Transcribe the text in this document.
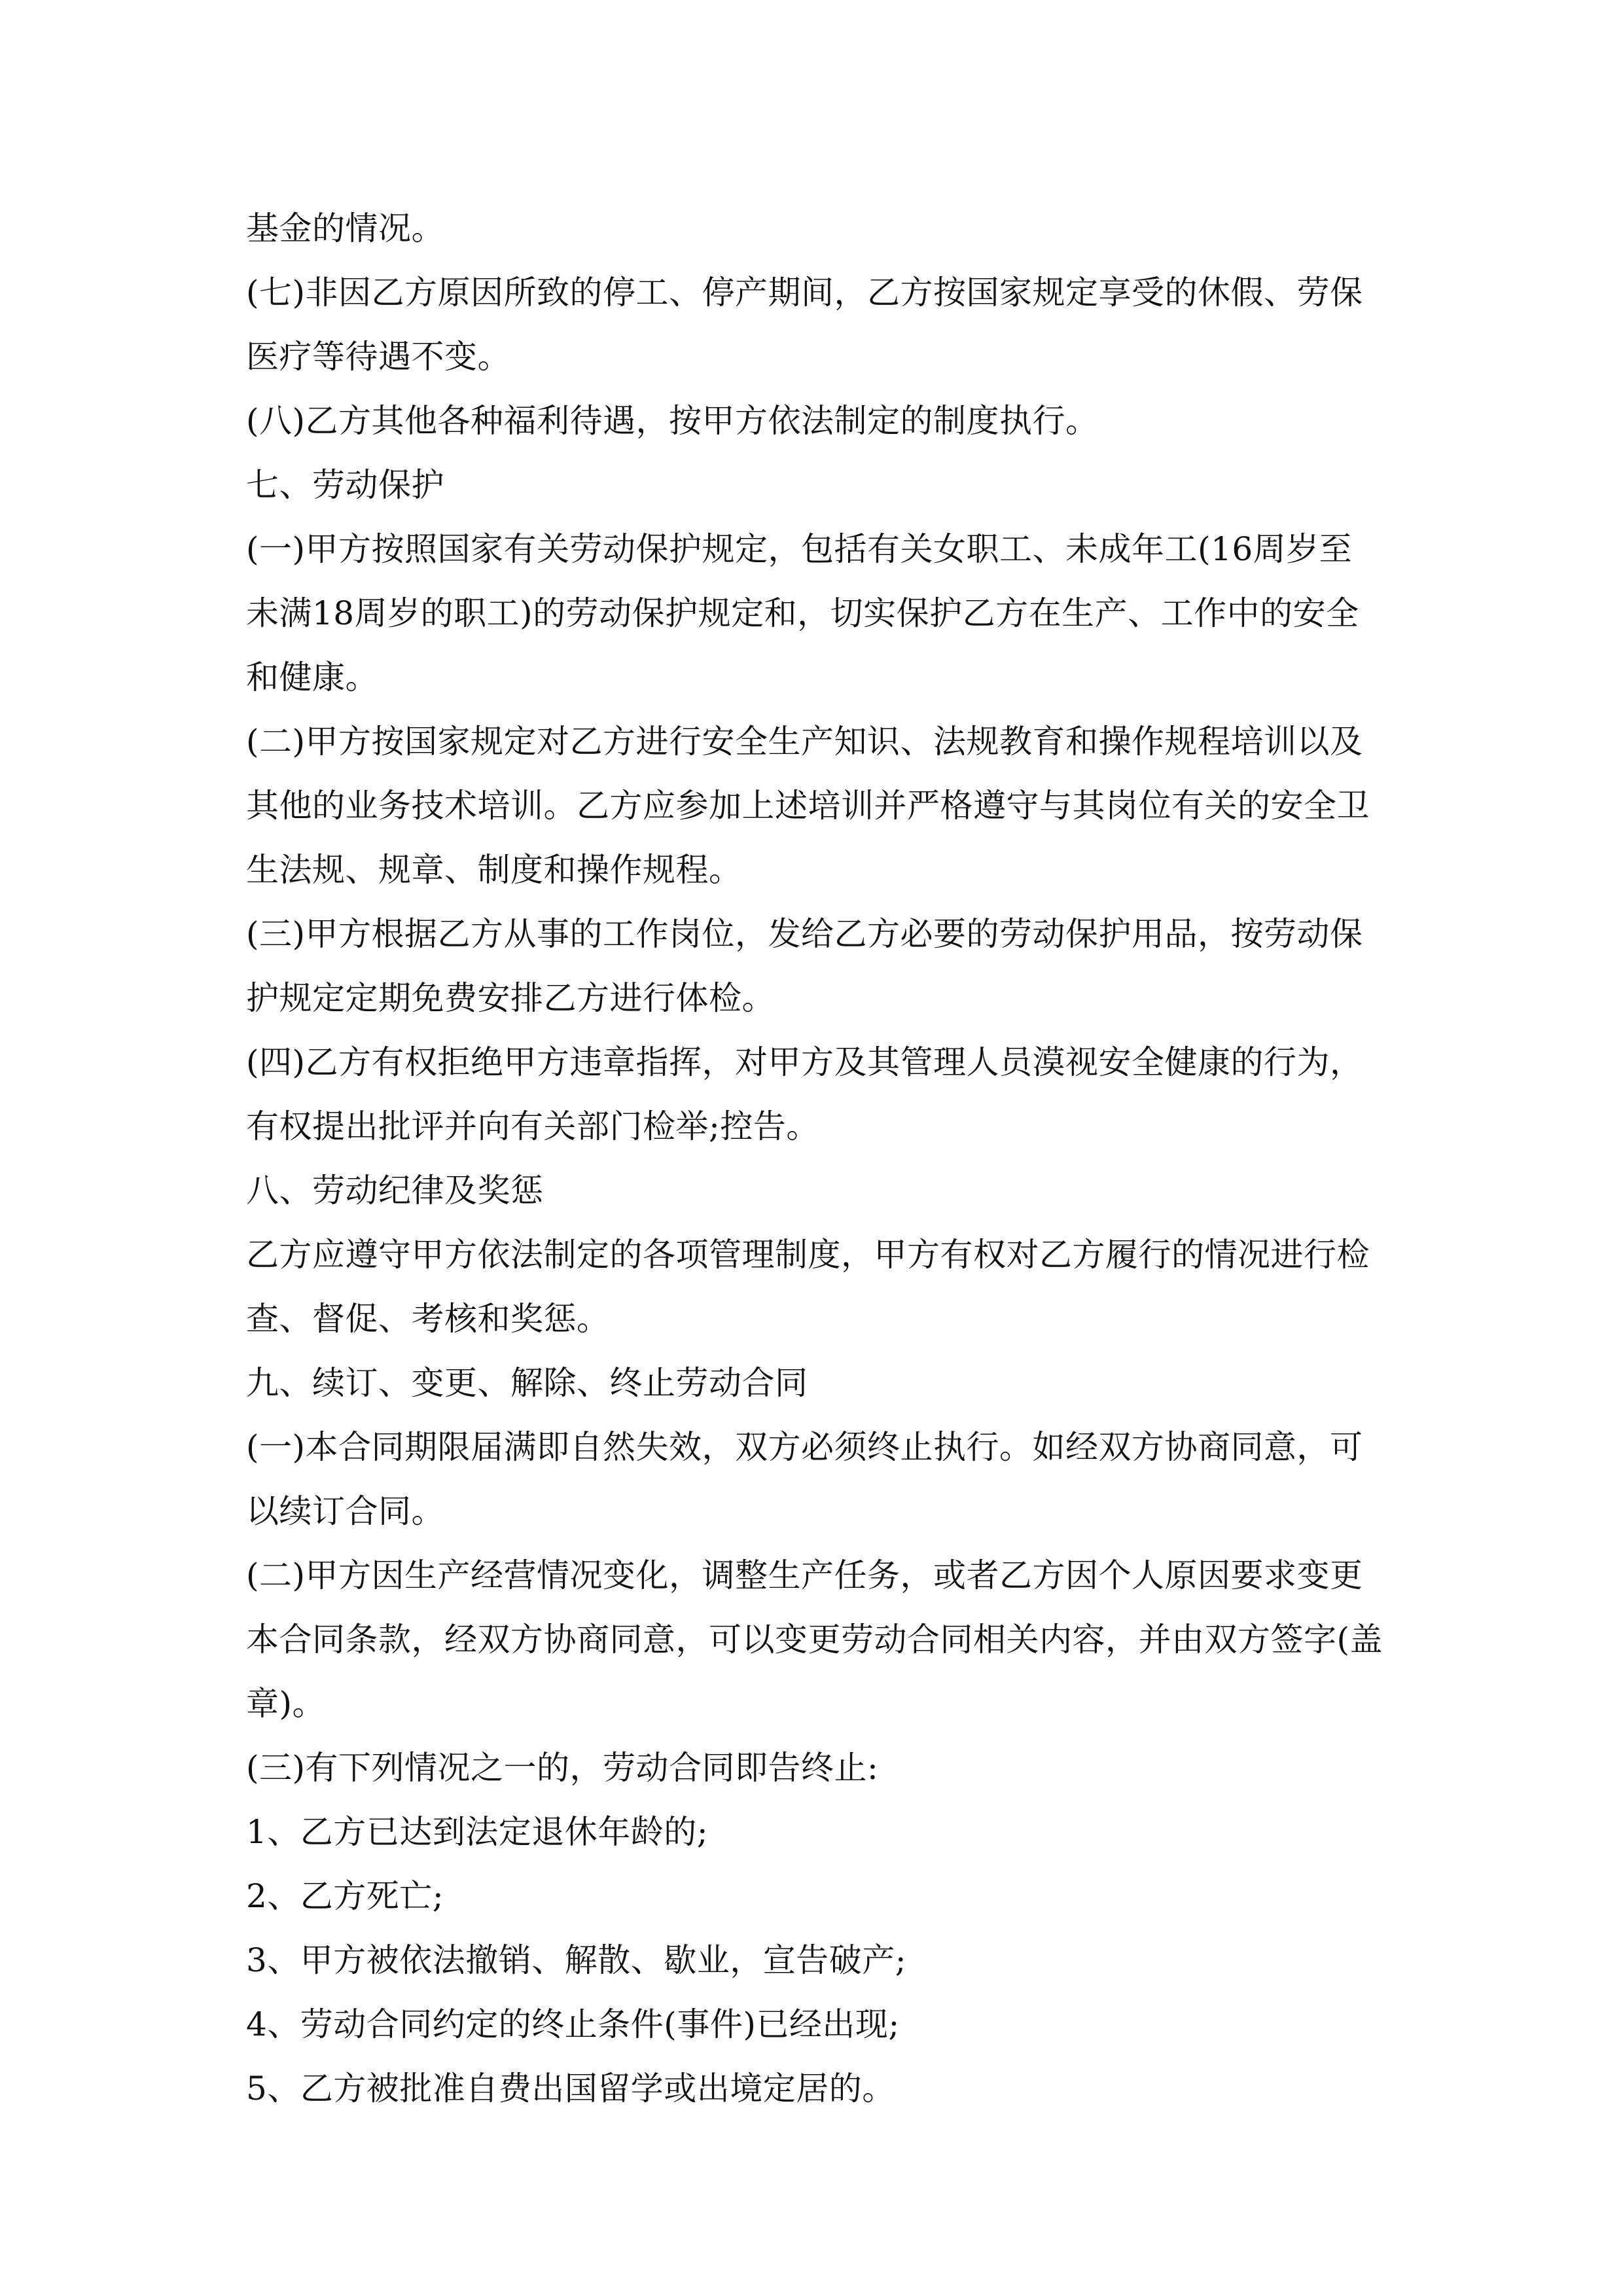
基金的情况。

(七)非因乙方原因所致的停工、停产期间，乙方按国家规定享受的休假、劳保医疗等待遇不变。

(八)乙方其他各种福利待遇，按甲方依法制定的制度执行。

七、劳动保护

(一)甲方按照国家有关劳动保护规定，包括有关女职工、未成年工(16周岁至未满18周岁的职工)的劳动保护规定和，切实保护乙方在生产、工作中的安全和健康。

(二)甲方按国家规定对乙方进行安全生产知识、法规教育和操作规程培训以及其他的业务技术培训。乙方应参加上述培训并严格遵守与其岗位有关的安全卫生法规、规章、制度和操作规程。

(三)甲方根据乙方从事的工作岗位，发给乙方必要的劳动保护用品，按劳动保护规定定期免费安排乙方进行体检。

(四)乙方有权拒绝甲方违章指挥，对甲方及其管理人员漠视安全健康的行为，有权提出批评并向有关部门检举;控告。

八、劳动纪律及奖惩

乙方应遵守甲方依法制定的各项管理制度，甲方有权对乙方履行的情况进行检查、督促、考核和奖惩。

九、续订、变更、解除、终止劳动合同

(一)本合同期限届满即自然失效，双方必须终止执行。如经双方协商同意，可以续订合同。

(二)甲方因生产经营情况变化，调整生产任务，或者乙方因个人原因要求变更本合同条款，经双方协商同意，可以变更劳动合同相关内容，并由双方签字(盖章)。

(三)有下列情况之一的，劳动合同即告终止:

1、乙方已达到法定退休年龄的;

2、乙方死亡;

3、甲方被依法撤销、解散、歇业，宣告破产;

4、劳动合同约定的终止条件(事件)已经出现;

5、乙方被批准自费出国留学或出境定居的。
